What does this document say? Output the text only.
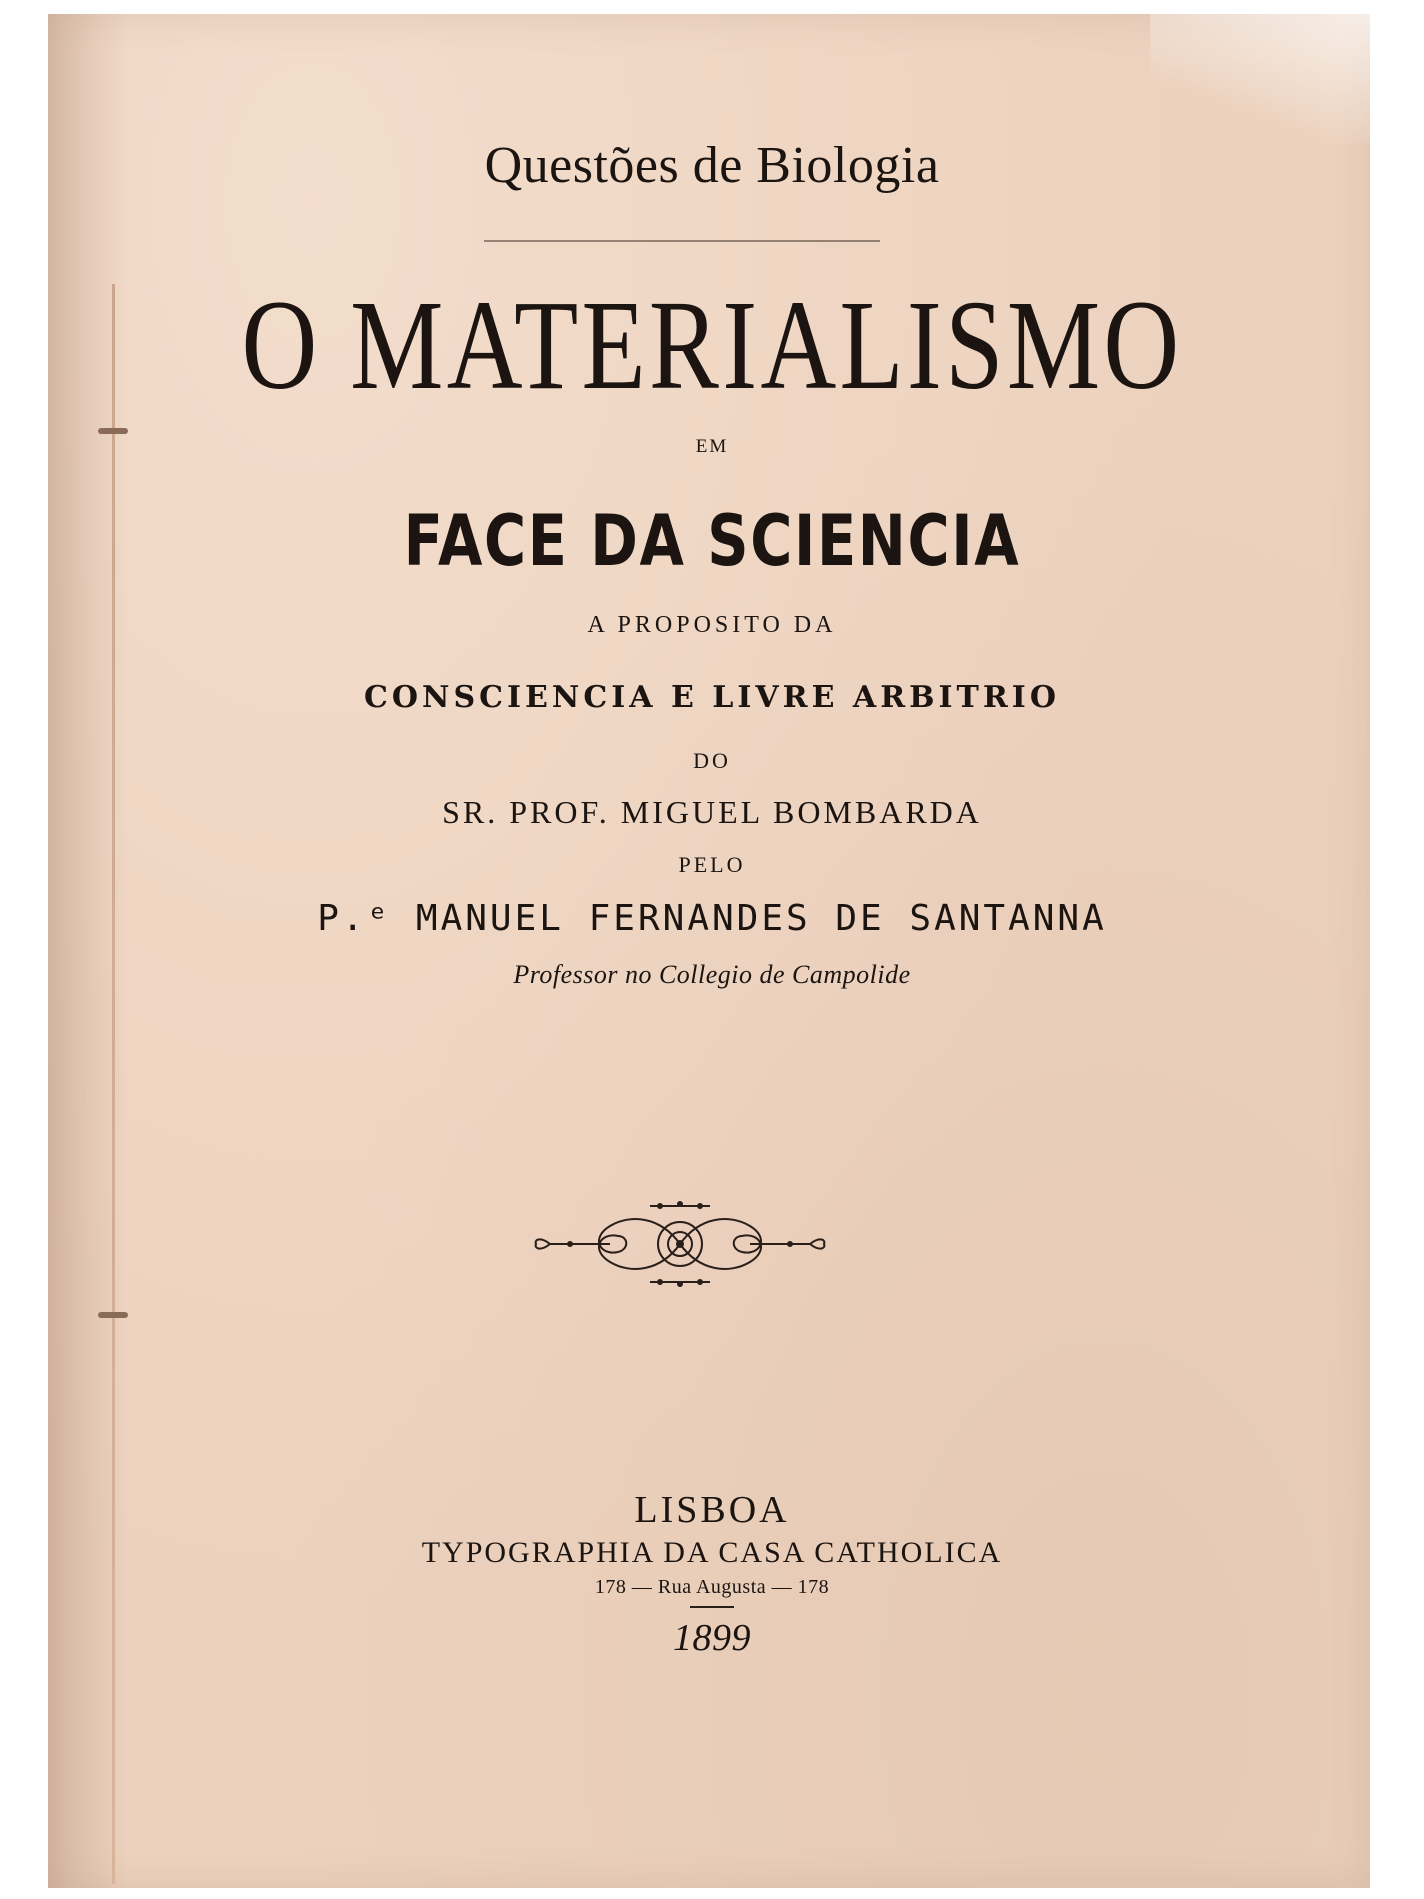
Questões de Biologia
O MATERIALISMO
EM
FACE DA SCIENCIA
A PROPOSITO DA
CONSCIENCIA E LIVRE ARBITRIO
DO
SR. PROF. MIGUEL BOMBARDA
PELO
P.ᵉ MANUEL FERNANDES DE SANTANNA
Professor no Collegio de Campolide
LISBOA
TYPOGRAPHIA DA CASA CATHOLICA
178 — Rua Augusta — 178
1899
